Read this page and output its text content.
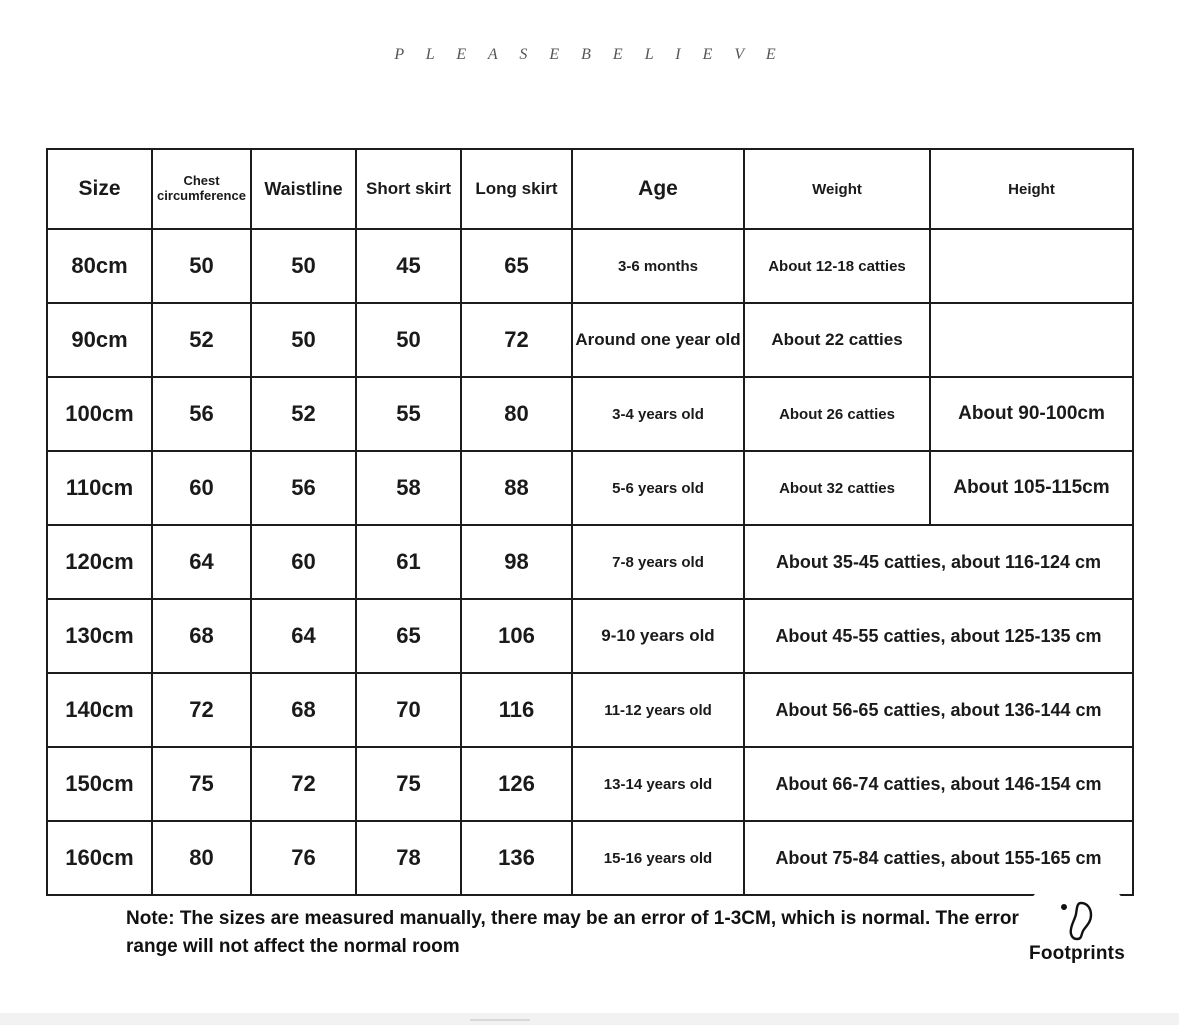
P L E A S E B E L I E V E
Size	Chest circumference	Waistline	Short skirt	Long skirt	Age	Weight	Height
80cm	50	50	45	65	3-6 months	About 12-18 catties	
90cm	52	50	50	72	Around one year old	About 22 catties	
100cm	56	52	55	80	3-4 years old	About 26 catties	About 90-100cm
110cm	60	56	58	88	5-6 years old	About 32 catties	About 105-115cm
120cm	64	60	61	98	7-8 years old	About 35-45 catties, about 116-124 cm	
130cm	68	64	65	106	9-10 years old	About 45-55 catties, about 125-135 cm	
140cm	72	68	70	116	11-12 years old	About 56-65 catties, about 136-144 cm	
150cm	75	72	75	126	13-14 years old	About 66-74 catties, about 146-154 cm	
160cm	80	76	78	136	15-16 years old	About 75-84 catties, about 155-165 cm	
Note: The sizes are measured manually, there may be an error of 1-3CM, which is normal. The error range will not affect the normal room	Footprints
